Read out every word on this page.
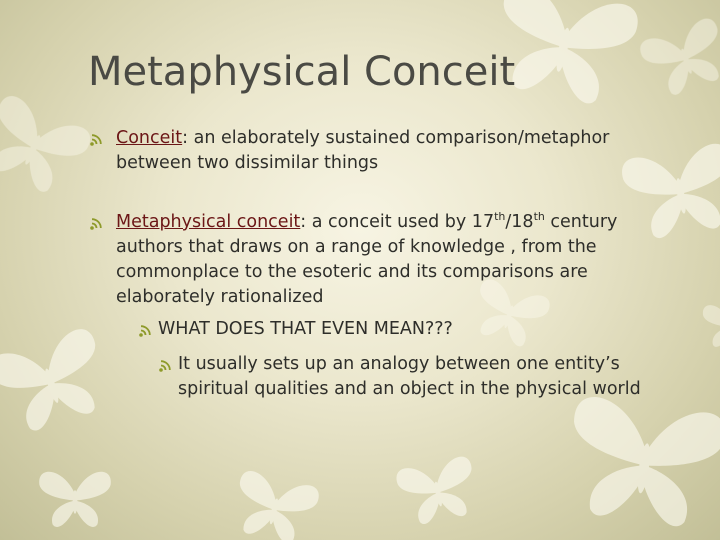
Metaphysical Conceit
Conceit: an elaborately sustained comparison/metaphor between two dissimilar things
Metaphysical conceit: a conceit used by 17th/18th century authors that draws on a range of knowledge , from the commonplace to the esoteric and its comparisons are elaborately rationalized
WHAT DOES THAT EVEN MEAN???
It usually sets up an analogy between one entity’s spiritual qualities and an object in the physical world
